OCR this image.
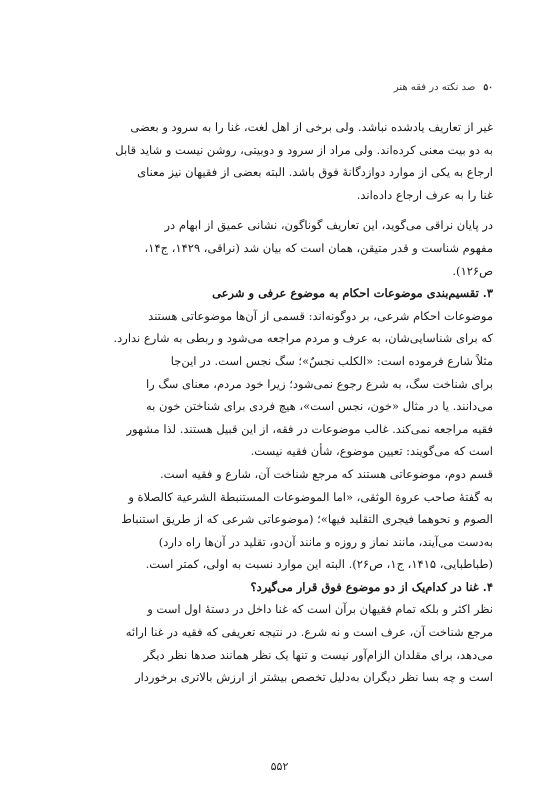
۵۰
صد نکته در فقه هنر
غیر از تعاریف یادشده نباشد. ولی برخی از اهل لغت، غنا را به سرود و بعضی
به دو بیت معنی کرده‌اند. ولی مراد از سرود و دوبیتی، روشن نیست و شاید قابل
ارجاع به یکی از موارد دوازدگانهٔ فوق باشد. البته بعضی از فقیهان نیز معنای
غنا را به عرف ارجاع داده‌اند.
در پایان نراقی می‌گوید، این تعاریف گوناگون، نشانی عمیق از ابهام در
مفهوم شناست و قدر متیقن، همان است که بیان شد (نراقی، ۱۴۲۹، ج۱۴،
ص۱۲۶).
۳. تقسیم‌بندی موضوعات احکام به موضوع عرفی و شرعی
موضوعات احکام شرعی، بر دوگونه‌اند: قسمی از آن‌ها موضوعاتی هستند
که برای شناسایی‌شان، به عرف و مردم مراجعه می‌شود و ربطی به شارع ندارد.
مثلاً شارع فرموده است: «الکلب نجسٌ»؛ سگ نجس است. در این‌جا
برای شناخت سگ، به شرع رجوع نمی‌شود؛ زیرا خود مردم، معنای سگ را
می‌دانند. یا در مثال «خون، نجس است»، هیچ فردی برای شناختن خون به
فقیه مراجعه نمی‌کند. غالب موضوعات در فقه، از این قبیل هستند. لذا مشهور
است که می‌گویند: تعیین موضوع، شأن فقیه نیست.
قسم دوم، موضوعاتی هستند که مرجع شناخت آن، شارع و فقیه است.
به گفتهٔ صاحب عروة الوثقی، «اما الموضوعات المستنبطة الشرعیة کالصلاة و
الصوم و نحوهما فیجری التقلید فیها»؛ (موضوعاتی شرعی که از طریق استنباط
به‌دست می‌آیند، مانند نماز و روزه و مانند آن‌دو، تقلید در آن‌ها راه دارد)
(طباطبایی، ۱۴۱۵، ج۱، ص۲۶). البته این موارد نسبت به اولی، کمتر است.
۴. غنا در کدام‌یک از دو موضوع فوق قرار می‌گیرد؟
نظر اکثر و بلکه تمام فقیهان برآن است که غنا داخل در دستهٔ اول است و
مرجع شناخت آن، عرف است و نه شرع. در نتیجه تعریفی که فقیه در غنا ارائه
می‌دهد، برای مقلدان الزام‌آور نیست و تنها یک نظر همانند صدها نظر دیگر
است و چه بسا نظر دیگران به‌دلیل تخصص بیشتر از ارزش بالاتری برخوردار
۵۵۲
